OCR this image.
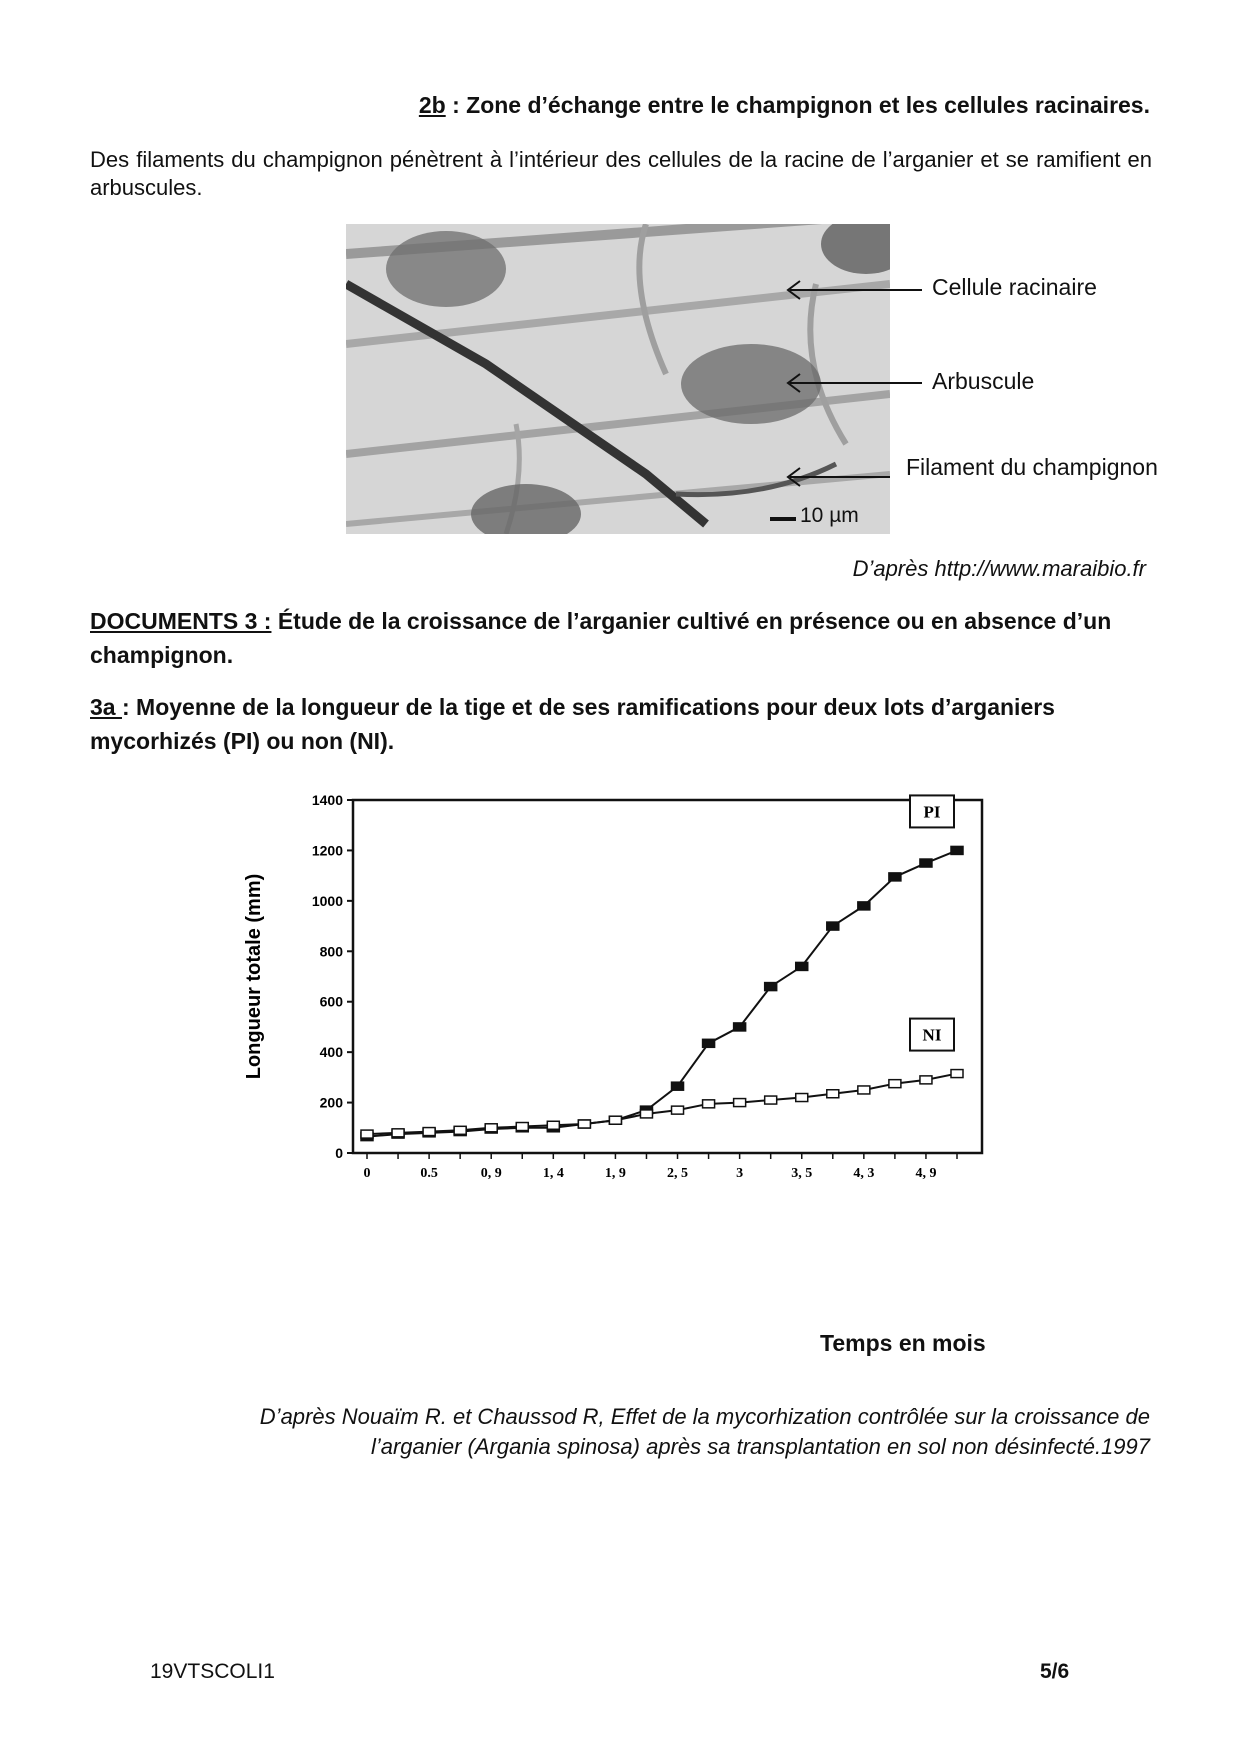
2b : Zone d’échange entre le champignon et les cellules racinaires.
Des filaments du champignon pénètrent à l’intérieur des cellules de la racine de l’arganier et se ramifient en arbuscules.
10 µm
Cellule racinaire
Arbuscule
Filament du champignon
D’après http://www.maraibio.fr
DOCUMENTS 3 : Étude de la croissance de l’arganier cultivé en présence ou en absence d’un champignon.
3a : Moyenne de la longueur de la tige et de ses ramifications pour deux lots d’arganiers mycorhizés (PI) ou non (NI).
0
200
400
600
800
1000
1200
1400
0	0.5	0, 9	1, 4	1, 9	2, 5	3	3, 5	4, 3	4, 9
Longueur totale (mm)
PI
NI
Temps en mois
D’après Nouaïm R. et Chaussod R, Effet de la mycorhization contrôlée sur la croissance de
l’arganier (Argania spinosa) après sa transplantation en sol non désinfecté.1997
19VTSCOLI1	5/6
